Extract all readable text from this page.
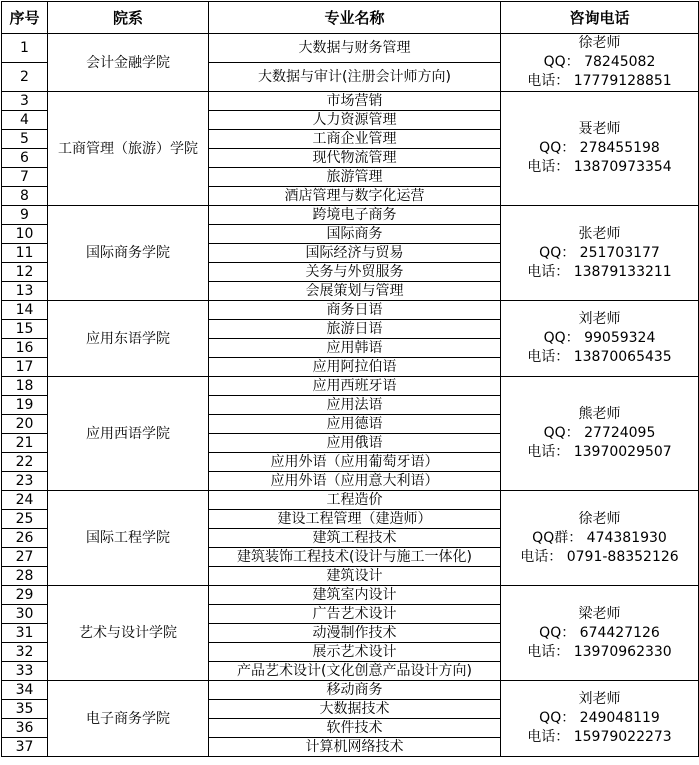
序号	院系	专业名称	咨询电话
1	会计金融学院	大数据与财务管理	徐老师
QQ： 78245082
电话： 17779128851

2		大数据与审计(注册会计师方向)	
3	工商管理（旅游）学院	市场营销	聂老师
QQ： 278455198
电话： 13870973354

4		人力资源管理	
5		工商企业管理	
6		现代物流管理	
7		旅游管理	
8		酒店管理与数字化运营	
9	国际商务学院	跨境电子商务	张老师
QQ： 251703177
电话： 13879133211

10		国际商务	
11		国际经济与贸易	
12		关务与外贸服务	
13		会展策划与管理	
14	应用东语学院	商务日语	刘老师
QQ： 99059324
电话： 13870065435

15		旅游日语	
16		应用韩语	
17		应用阿拉伯语	
18	应用西语学院	应用西班牙语	熊老师
QQ： 27724095
电话： 13970029507

19		应用法语	
20		应用德语	
21		应用俄语	
22		应用外语（应用葡萄牙语）	
23		应用外语（应用意大利语）	
24	国际工程学院	工程造价	徐老师
QQ群： 474381930
电话： 0791-88352126

25		建设工程管理（建造师）	
26		建筑工程技术	
27		建筑装饰工程技术(设计与施工一体化)	
28		建筑设计	
29	艺术与设计学院	建筑室内设计	梁老师
QQ： 674427126
电话： 13970962330

30		广告艺术设计	
31		动漫制作技术	
32		展示艺术设计	
33		产品艺术设计(文化创意产品设计方向)	
34	电子商务学院	移动商务	刘老师
QQ： 249048119
电话： 15979022273

35		大数据技术	
36		软件技术	
37		计算机网络技术	
